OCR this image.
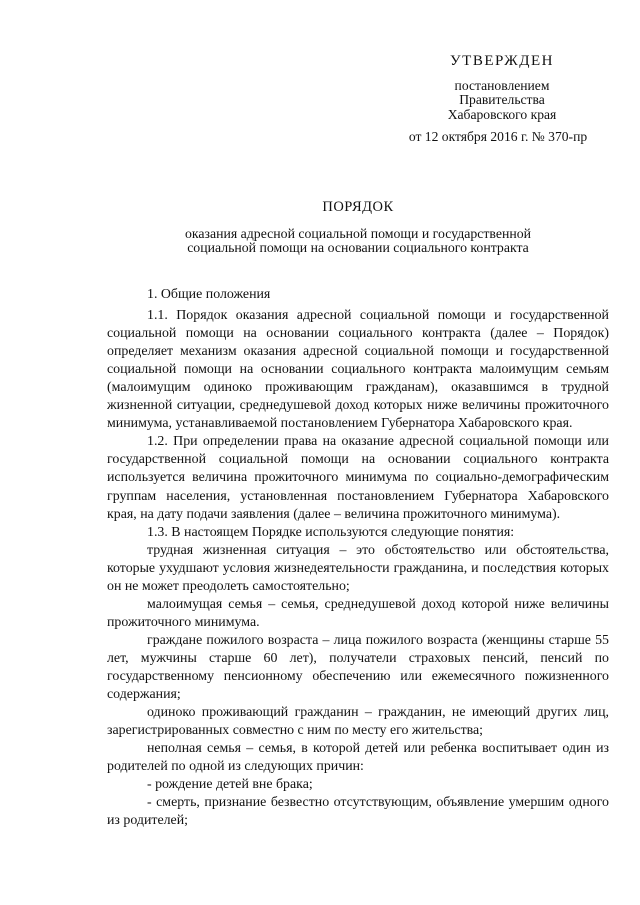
УТВЕРЖДЕН
постановлением
Правительства
Хабаровского края
от 12 октября 2016 г. № 370-пр
ПОРЯДОК
оказания адресной социальной помощи и государственной
социальной помощи на основании социального контракта

1. Общие положения

1.1. Порядок оказания адресной социальной помощи и государственной социальной помощи на основании социального контракта (далее – Порядок) определяет механизм оказания адресной социальной помощи и государственной социальной помощи на основании социального контракта малоимущим семьям (малоимущим одиноко проживающим гражданам), оказавшимся в трудной жизненной ситуации, среднедушевой доход которых ниже величины прожиточного минимума, устанавливаемой постановлением Губернатора Хабаровского края.

1.2. При определении права на оказание адресной социальной помощи или государственной социальной помощи на основании социального контракта используется величина прожиточного минимума по социально-демографическим группам населения, установленная постановлением Губернатора Хабаровского края, на дату подачи заявления (далее – величина прожиточного минимума).

1.3. В настоящем Порядке используются следующие понятия:

трудная жизненная ситуация – это обстоятельство или обстоятельства, которые ухудшают условия жизнедеятельности гражданина, и последствия которых он не может преодолеть самостоятельно;

малоимущая семья – семья, среднедушевой доход которой ниже величины прожиточного минимума.

граждане пожилого возраста – лица пожилого возраста (женщины старше 55 лет, мужчины старше 60 лет), получатели страховых пенсий, пенсий по государственному пенсионному обеспечению или ежемесячного пожизненного содержания;

одиноко проживающий гражданин – гражданин, не имеющий других лиц, зарегистрированных совместно с ним по месту его жительства;

неполная семья – семья, в которой детей или ребенка воспитывает один из родителей по одной из следующих причин:

- рождение детей вне брака;

- смерть, признание безвестно отсутствующим, объявление умершим одного из родителей;
